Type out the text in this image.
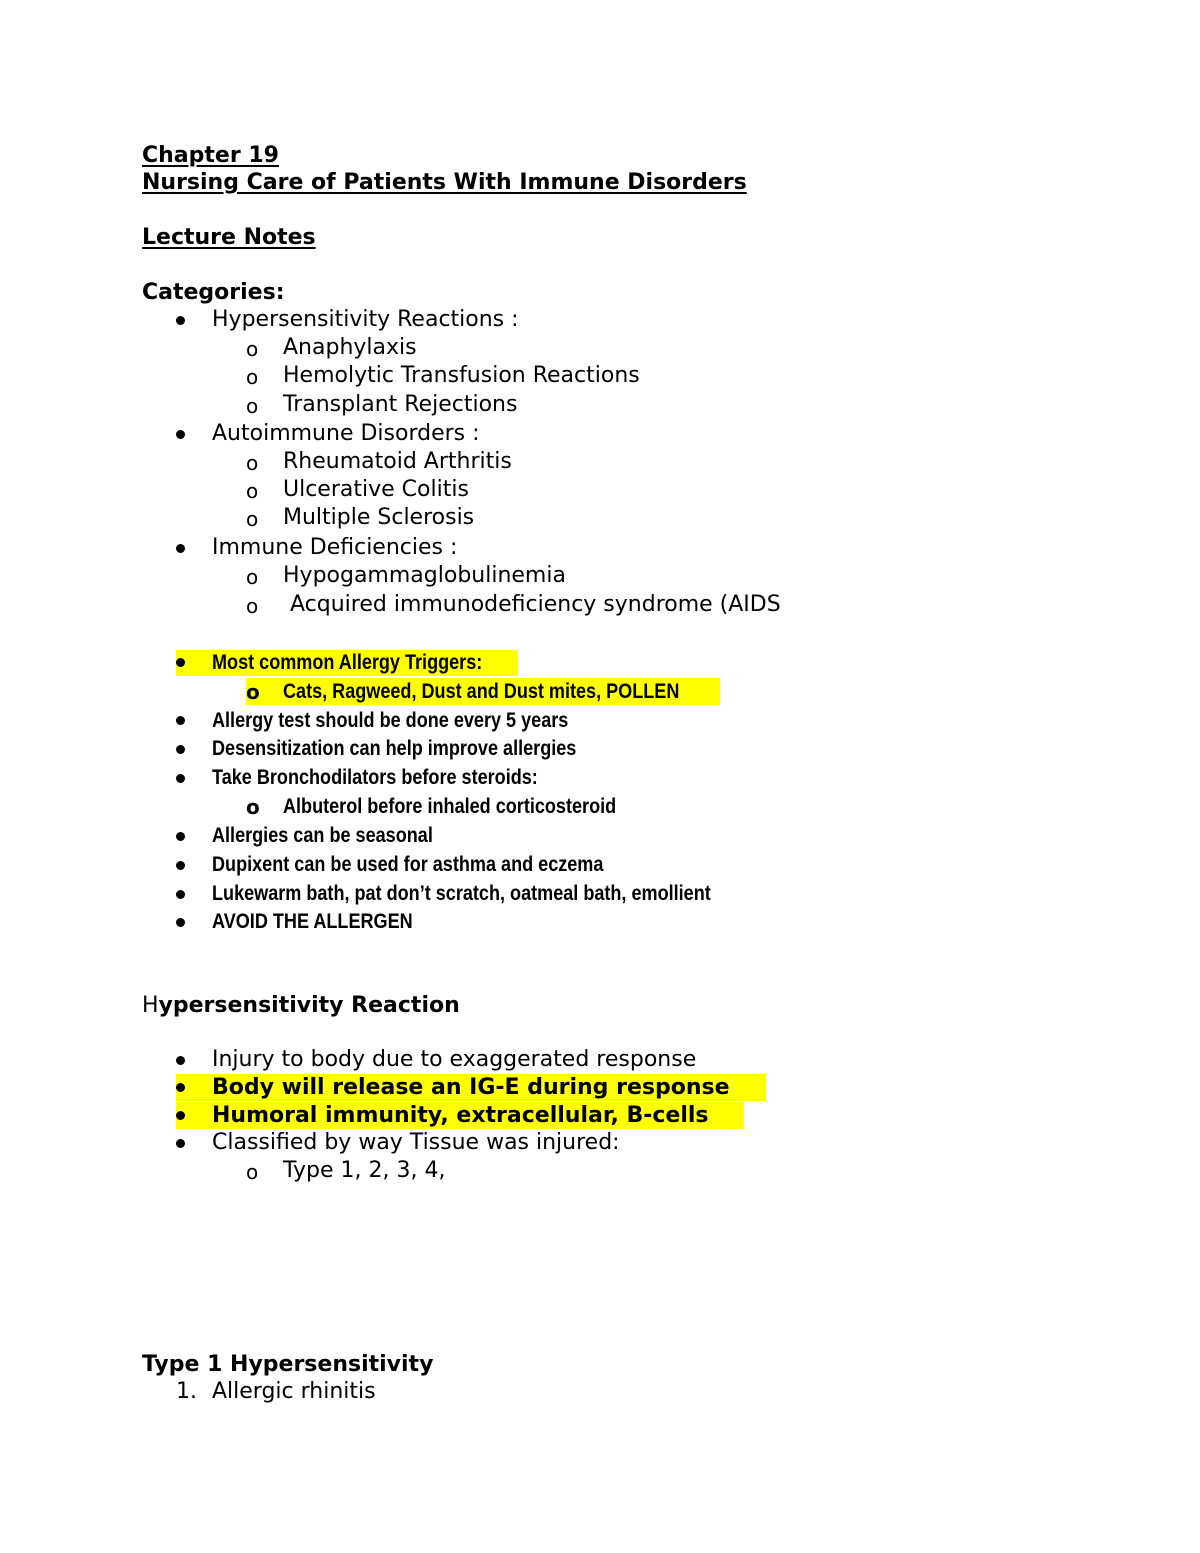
Chapter 19
Nursing Care of Patients With Immune Disorders
Lecture Notes
Categories:
Hypersensitivity Reactions :
o Anaphylaxis
o Hemolytic Transfusion Reactions
o Transplant Rejections
Autoimmune Disorders :
o Rheumatoid Arthritis
o Ulcerative Colitis
o Multiple Sclerosis
Immune Deficiencies :
o Hypogammaglobulinemia
o Acquired immunodeficiency syndrome (AIDS
Most common Allergy Triggers:
o Cats, Ragweed, Dust and Dust mites, POLLEN
Allergy test should be done every 5 years
Desensitization can help improve allergies
Take Bronchodilators before steroids:
o Albuterol before inhaled corticosteroid
Allergies can be seasonal
Dupixent can be used for asthma and eczema
Lukewarm bath, pat don’t scratch, oatmeal bath, emollient
AVOID THE ALLERGEN
Hypersensitivity Reaction
Injury to body due to exaggerated response
Body will release an IG-E during response
Humoral immunity, extracellular, B-cells
Classified by way Tissue was injured:
o Type 1, 2, 3, 4,
Type 1 Hypersensitivity
1. Allergic rhinitis
